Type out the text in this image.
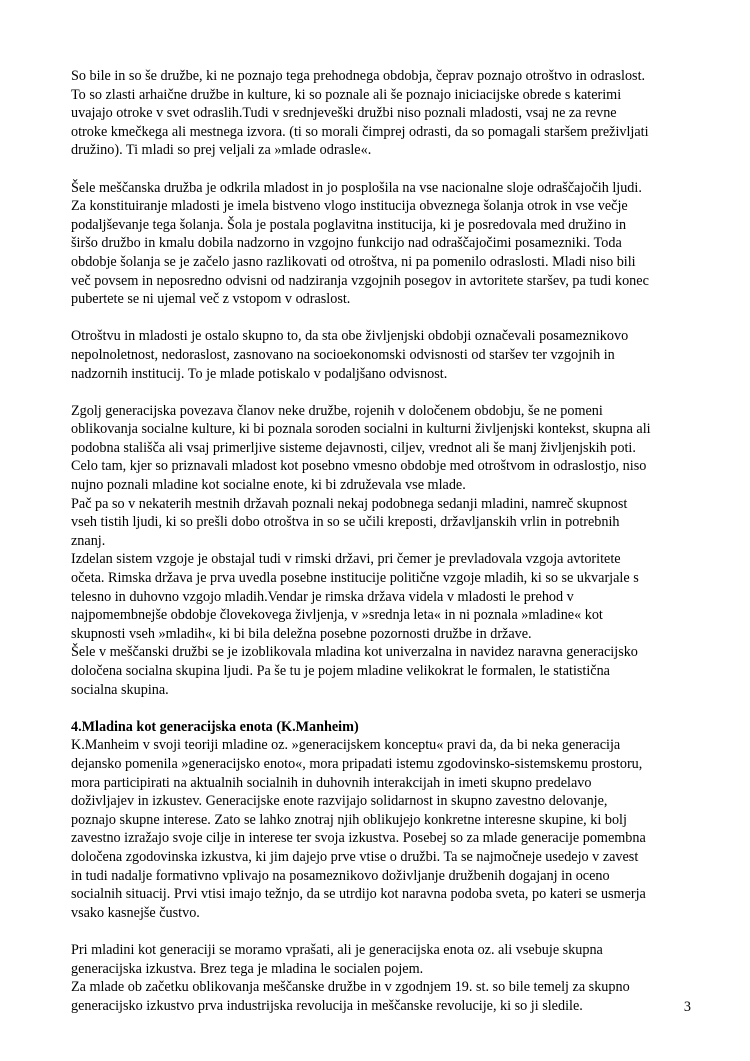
So bile in so še družbe, ki ne poznajo tega prehodnega obdobja, čeprav poznajo otroštvo in odraslost.
To so zlasti arhaične družbe in kulture, ki so poznale ali še poznajo iniciacijske obrede s katerimi
uvajajo otroke v svet odraslih.Tudi v srednjeveški družbi niso poznali mladosti, vsaj ne za revne
otroke kmečkega ali mestnega izvora. (ti so morali čimprej odrasti, da so pomagali staršem preživljati
družino). Ti mladi so prej veljali za »mlade odrasle«.

Šele meščanska družba je odkrila mladost in jo posplošila na vse nacionalne sloje odraščajočih ljudi.
Za konstituiranje mladosti je imela bistveno vlogo institucija obveznega šolanja otrok in vse večje
podaljševanje tega šolanja. Šola je postala poglavitna institucija, ki je posredovala med družino in
širšo družbo in kmalu dobila nadzorno in vzgojno funkcijo nad odraščajočimi posamezniki. Toda
obdobje šolanja se je začelo jasno razlikovati od otroštva, ni pa pomenilo odraslosti. Mladi niso bili
več povsem in neposredno odvisni od nadziranja vzgojnih posegov in avtoritete staršev, pa tudi konec
pubertete se ni ujemal več z vstopom v odraslost.

Otroštvu in mladosti je ostalo skupno to, da sta obe življenjski obdobji označevali posameznikovo
nepolnoletnost, nedoraslost, zasnovano na socioekonomski odvisnosti od staršev ter vzgojnih in
nadzornih institucij. To je mlade potiskalo v podaljšano odvisnost.

Zgolj generacijska povezava članov neke družbe, rojenih v določenem obdobju, še ne pomeni
oblikovanja socialne kulture, ki bi poznala soroden socialni in kulturni življenjski kontekst, skupna ali
podobna stališča ali vsaj primerljive sisteme dejavnosti, ciljev, vrednot ali še manj življenjskih poti.
Celo tam, kjer so priznavali mladost kot posebno vmesno obdobje med otroštvom in odraslostjo, niso
nujno poznali mladine kot socialne enote, ki bi združevala vse mlade.
Pač pa so v nekaterih mestnih državah poznali nekaj podobnega sedanji mladini, namreč skupnost
vseh tistih ljudi, ki so prešli dobo otroštva in so se učili kreposti, državljanskih vrlin in potrebnih
znanj.
Izdelan sistem vzgoje je obstajal tudi v rimski državi, pri čemer je prevladovala vzgoja avtoritete
očeta. Rimska država je prva uvedla posebne institucije politične vzgoje mladih, ki so se ukvarjale s
telesno in duhovno vzgojo mladih.Vendar je rimska država videla v mladosti le prehod v
najpomembnejše obdobje človekovega življenja, v »srednja leta« in ni poznala »mladine« kot
skupnosti vseh »mladih«, ki bi bila deležna posebne pozornosti družbe in države.
Šele v meščanski družbi se je izoblikovala mladina kot univerzalna in navidez naravna generacijsko
določena socialna skupina ljudi. Pa še tu je pojem mladine velikokrat le formalen, le statistična
socialna skupina.

4.Mladina kot generacijska enota (K.Manheim)

K.Manheim v svoji teoriji mladine oz. »generacijskem konceptu« pravi da, da bi neka generacija
dejansko pomenila »generacijsko enoto«, mora pripadati istemu zgodovinsko-sistemskemu prostoru,
mora participirati na aktualnih socialnih in duhovnih interakcijah in imeti skupno predelavo
doživljajev in izkustev. Generacijske enote razvijajo solidarnost in skupno zavestno delovanje,
poznajo skupne interese. Zato se lahko znotraj njih oblikujejo konkretne interesne skupine, ki bolj
zavestno izražajo svoje cilje in interese ter svoja izkustva. Posebej so za mlade generacije pomembna
določena zgodovinska izkustva, ki jim dajejo prve vtise o družbi. Ta se najmočneje usedejo v zavest
in tudi nadalje formativno vplivajo na posameznikovo doživljanje družbenih dogajanj in oceno
socialnih situacij. Prvi vtisi imajo težnjo, da se utrdijo kot naravna podoba sveta, po kateri se usmerja
vsako kasnejše čustvo.

Pri mladini kot generaciji se moramo vprašati, ali je generacijska enota oz. ali vsebuje skupna
generacijska izkustva. Brez tega je mladina le socialen pojem.
Za mlade ob začetku oblikovanja meščanske družbe in v zgodnjem 19. st. so bile temelj za skupno
generacijsko izkustvo prva industrijska revolucija in meščanske revolucije, ki so ji sledile.	3
